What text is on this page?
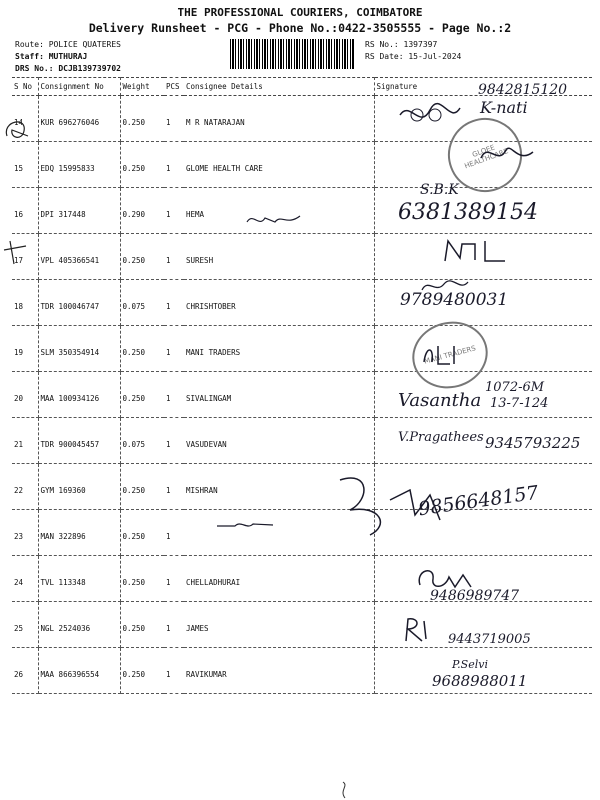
THE PROFESSIONAL COURIERS, COIMBATORE
Delivery Runsheet - PCG - Phone No.:0422-3505555 - Page No.:2
Route: POLICE QUATERES
Staff: MUTHURAJ
DRS No.: DCJB139739702
RS No.: 1397397
RS Date: 15-Jul-2024
S No	Consignment No	Weight	PCS	Consignee Details	Signature
14	KUR 696276046	0.250	1	M R NATARAJAN	
15	EDQ 15995833	0.250	1	GLOME HEALTH CARE	
16	DPI 317448	0.290	1	HEMA	
17	VPL 405366541	0.250	1	SURESH	
18	TDR 100046747	0.075	1	CHRISHTOBER	
19	SLM 350354914	0.250	1	MANI TRADERS	
20	MAA 100934126	0.250	1	SIVALINGAM	
21	TDR 900045457	0.075	1	VASUDEVAN	
22	GYM 169360	0.250	1	MISHRAN	
23	MAN 322896	0.250	1		
24	TVL 113348	0.250	1	CHELLADHURAI	
25	NGL 2524036	0.250	1	JAMES	
26	MAA 866396554	0.250	1	RAVIKUMAR	
9842815120
K-nati
GLOEE HEALTHCARE
S.B.K
6381389154
9789480031
MANI TRADERS
Vasantha
1072-6M
13-7-124
V.Pragathees 9345793225
9856648157
9486989747
9443719005
P.Selvi
9688988011
